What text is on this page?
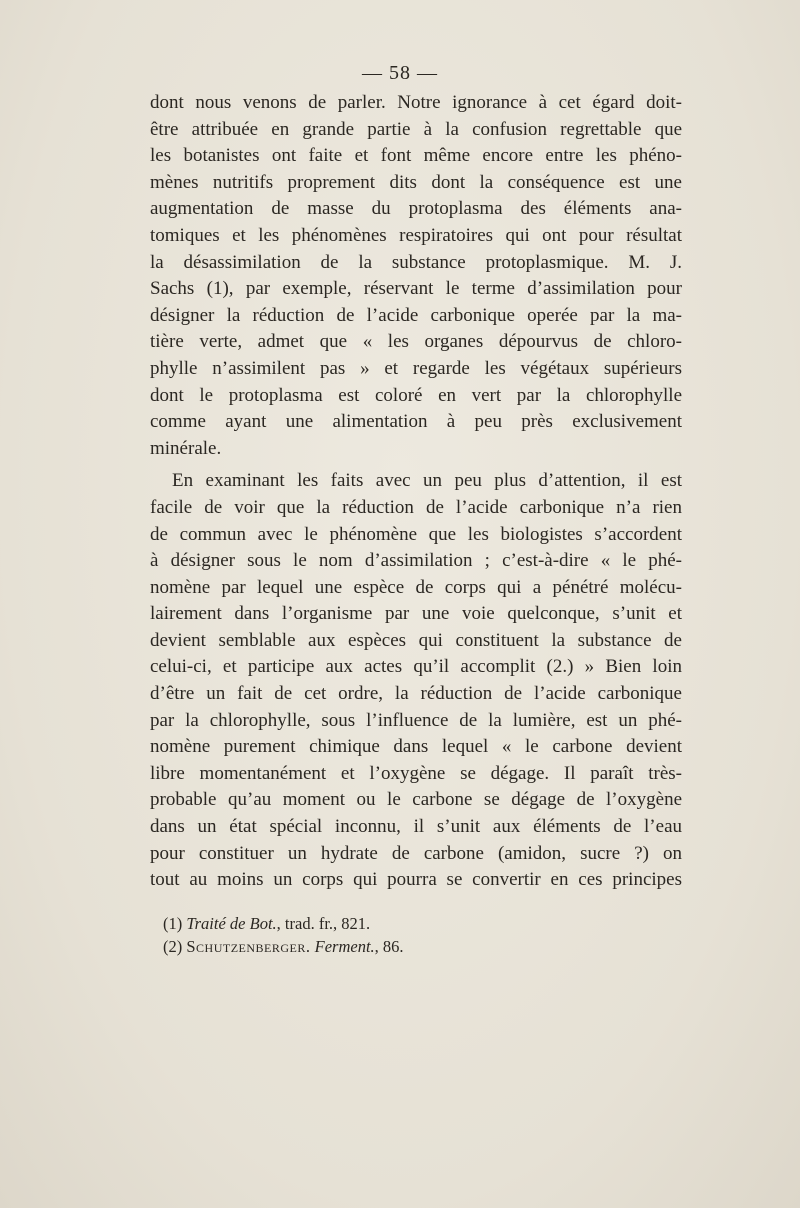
— 58 —
dont nous venons de parler. Notre ignorance à cet égard doit-
être attribuée en grande partie à la confusion regrettable que
les botanistes ont faite et font même encore entre les phéno-
mènes nutritifs proprement dits dont la conséquence est une
augmentation de masse du protoplasma des éléments ana-
tomiques et les phénomènes respiratoires qui ont pour résultat
la désassimilation de la substance protoplasmique. M. J.
Sachs (1), par exemple, réservant le terme d’assimilation pour
désigner la réduction de l’acide carbonique operée par la ma-
tière verte, admet que « les organes dépourvus de chloro-
phylle n’assimilent pas » et regarde les végétaux supérieurs
dont le protoplasma est coloré en vert par la chlorophylle
comme ayant une alimentation à peu près exclusivement
minérale.
En examinant les faits avec un peu plus d’attention, il est
facile de voir que la réduction de l’acide carbonique n’a rien
de commun avec le phénomène que les biologistes s’accordent
à désigner sous le nom d’assimilation ; c’est-à-dire « le phé-
nomène par lequel une espèce de corps qui a pénétré molécu-
lairement dans l’organisme par une voie quelconque, s’unit et
devient semblable aux espèces qui constituent la substance de
celui-ci, et participe aux actes qu’il accomplit (2.) » Bien loin
d’être un fait de cet ordre, la réduction de l’acide carbonique
par la chlorophylle, sous l’influence de la lumière, est un phé-
nomène purement chimique dans lequel « le carbone devient
libre momentanément et l’oxygène se dégage. Il paraît très-
probable qu’au moment ou le carbone se dégage de l’oxygène
dans un état spécial inconnu, il s’unit aux éléments de l’eau
pour constituer un hydrate de carbone (amidon, sucre ?) on
tout au moins un corps qui pourra se convertir en ces principes
(1) Traité de Bot., trad. fr., 821.
(2) Schutzenberger. Ferment., 86.
